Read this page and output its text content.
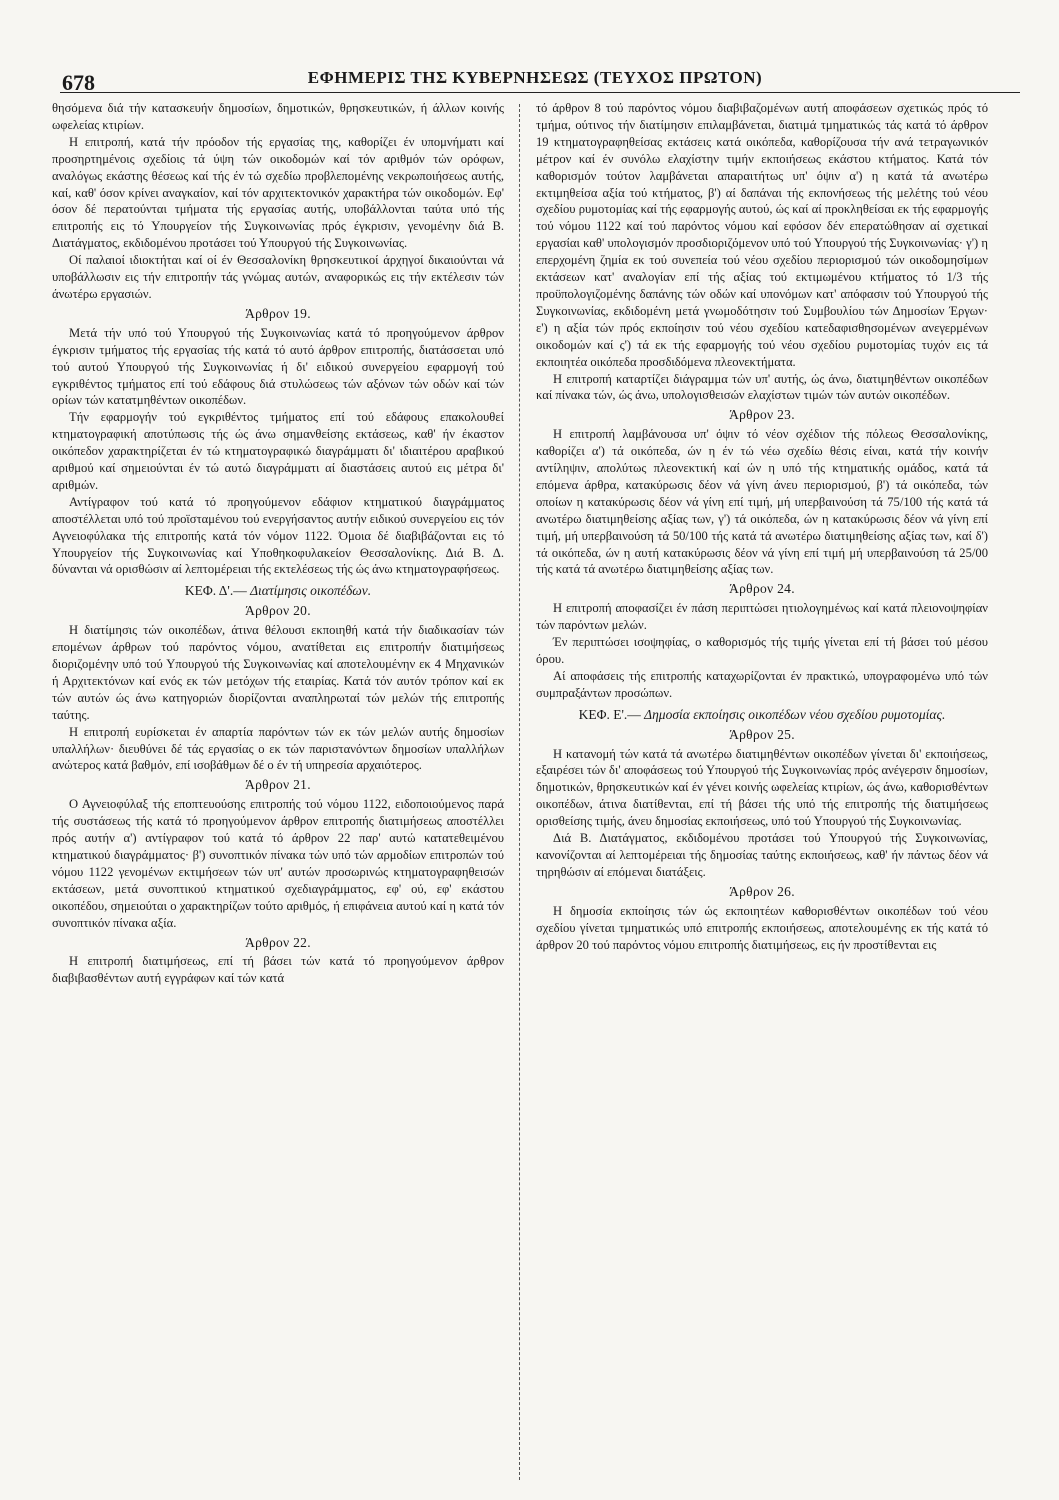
678	ΕΦΗΜΕΡΙΣ ΤΗΣ ΚΥΒΕΡΝΗΣΕΩΣ (ΤΕΥΧΟΣ ΠΡΩΤΟΝ)

θησόμενα διά τήν κατασκευήν δημοσίων, δημοτικών, θρησκευτικών, ή άλλων κοινής ωφελείας κτιρίων.

Η επιτροπή, κατά τήν πρόοδον τής εργασίας της, καθορίζει έν υπομνήματι καί προσηρτημένοις σχεδίοις τά ύψη τών οικοδομών καί τόν αριθμόν τών ορόφων, αναλόγως εκάστης θέσεως καί τής έν τώ σχεδίω προβλεπομένης νεκρωποιήσεως αυτής, καί, καθ' όσον κρίνει αναγκαίον, καί τόν αρχιτεκτονικόν χαρακτήρα τών οικοδομών. Εφ' όσον δέ περατούνται τμήματα τής εργασίας αυτής, υποβάλλονται ταύτα υπό τής επιτροπής εις τό Υπουργείον τής Συγκοινωνίας πρός έγκρισιν, γενομένην διά Β. Διατάγματος, εκδιδομένου προτάσει τού Υπουργού τής Συγκοινωνίας.

Οί παλαιοί ιδιοκτήται καί οί έν Θεσσαλονίκη θρησκευτικοί άρχηγοί δικαιούνται νά υποβάλλωσιν εις τήν επιτροπήν τάς γνώμας αυτών, αναφορικώς εις τήν εκτέλεσιν τών άνωτέρω εργασιών.

Άρθρον 19.

Μετά τήν υπό τού Υπουργού τής Συγκοινωνίας κατά τό προηγούμενον άρθρον έγκρισιν τμήματος τής εργασίας τής κατά τό αυτό άρθρον επιτροπής, διατάσσεται υπό τού αυτού Υπουργού τής Συγκοινωνίας ή δι' ειδικού συνεργείου εφαρμογή τού εγκριθέντος τμήματος επί τού εδάφους διά στυλώσεως τών αξόνων τών οδών καί τών ορίων τών κατατμηθέντων οικοπέδων.

Τήν εφαρμογήν τού εγκριθέντος τμήματος επί τού εδάφους επακολουθεί κτηματογραφική αποτύπωσις τής ώς άνω σημανθείσης εκτάσεως, καθ' ήν έκαστον οικόπεδον χαρακτηρίζεται έν τώ κτηματογραφικώ διαγράμματι δι' ιδιαιτέρου αραβικού αριθμού καί σημειούνται έν τώ αυτώ διαγράμματι αί διαστάσεις αυτού εις μέτρα δι' αριθμών.

Αντίγραφον τού κατά τό προηγούμενον εδάφιον κτηματικού διαγράμματος αποστέλλεται υπό τού προϊσταμένου τού ενεργήσαντος αυτήν ειδικού συνεργείου εις τόν Αγνειοφύλακα τής επιτροπής κατά τόν νόμον 1122. Όμοια δέ διαβιβάζονται εις τό Υπουργείον τής Συγκοινωνίας καί Υποθηκοφυλακείον Θεσσαλονίκης. Διά Β. Δ. δύνανται νά ορισθώσιν αί λεπτομέρειαι τής εκτελέσεως τής ώς άνω κτηματογραφήσεως.

ΚΕΦ. Δ'.— Διατίμησις οικοπέδων.
Άρθρον 20.

Η διατίμησις τών οικοπέδων, άτινα θέλουσι εκποιηθή κατά τήν διαδικασίαν τών επομένων άρθρων τού παρόντος νόμου, ανατίθεται εις επιτροπήν διατιμήσεως διοριζομένην υπό τού Υπουργού τής Συγκοινωνίας καί αποτελουμένην εκ 4 Μηχανικών ή Αρχιτεκτόνων καί ενός εκ τών μετόχων τής εταιρίας. Κατά τόν αυτόν τρόπον καί εκ τών αυτών ώς άνω κατηγοριών διορίζονται αναπληρωταί τών μελών τής επιτροπής ταύτης.

Η επιτροπή ευρίσκεται έν απαρτία παρόντων τών εκ τών μελών αυτής δημοσίων υπαλλήλων· διευθύνει δέ τάς εργασίας ο εκ τών παριστανόντων δημοσίων υπαλλήλων ανώτερος κατά βαθμόν, επί ισοβάθμων δέ ο έν τή υπηρεσία αρχαιότερος.

Άρθρον 21.

Ο Αγνειοφύλαξ τής εποπτευούσης επιτροπής τού νόμου 1122, ειδοποιούμενος παρά τής συστάσεως τής κατά τό προηγούμενον άρθρον επιτροπής διατιμήσεως αποστέλλει πρός αυτήν α') αντίγραφον τού κατά τό άρθρον 22 παρ' αυτώ κατατεθειμένου κτηματικού διαγράμματος· β') συνοπτικόν πίνακα τών υπό τών αρμοδίων επιτροπών τού νόμου 1122 γενομένων εκτιμήσεων τών υπ' αυτών προσωρινώς κτηματογραφηθεισών εκτάσεων, μετά συνοπτικού κτηματικού σχεδιαγράμματος, εφ' ού, εφ' εκάστου οικοπέδου, σημειούται ο χαρακτηρίζων τούτο αριθμός, ή επιφάνεια αυτού καί η κατά τόν συνοπτικόν πίνακα αξία.

Άρθρον 22.

Η επιτροπή διατιμήσεως, επί τή βάσει τών κατά τό προηγούμενον άρθρον διαβιβασθέντων αυτή εγγράφων καί τών κατά

τό άρθρον 8 τού παρόντος νόμου διαβιβαζομένων αυτή αποφάσεων σχετικώς πρός τό τμήμα, ούτινος τήν διατίμησιν επιλαμβάνεται, διατιμά τμηματικώς τάς κατά τό άρθρον 19 κτηματογραφηθείσας εκτάσεις κατά οικόπεδα, καθορίζουσα τήν ανά τετραγωνικόν μέτρον καί έν συνόλω ελαχίστην τιμήν εκποιήσεως εκάστου κτήματος. Κατά τόν καθορισμόν τούτον λαμβάνεται απαραιτήτως υπ' όψιν α') η κατά τά ανωτέρω εκτιμηθείσα αξία τού κτήματος, β') αί δαπάναι τής εκπονήσεως τής μελέτης τού νέου σχεδίου ρυμοτομίας καί τής εφαρμογής αυτού, ώς καί αί προκληθείσαι εκ τής εφαρμογής τού νόμου 1122 καί τού παρόντος νόμου καί εφόσον δέν επερατώθησαν αί σχετικαί εργασίαι καθ' υπολογισμόν προσδιοριζόμενον υπό τού Υπουργού τής Συγκοινωνίας· γ') η επερχομένη ζημία εκ τού συνεπεία τού νέου σχεδίου περιορισμού τών οικοδομησίμων εκτάσεων κατ' αναλογίαν επί τής αξίας τού εκτιμωμένου κτήματος τό 1/3 τής προϋπολογιζομένης δαπάνης τών οδών καί υπονόμων κατ' απόφασιν τού Υπουργού τής Συγκοινωνίας, εκδιδομένη μετά γνωμοδότησιν τού Συμβουλίου τών Δημοσίων Έργων· ε') η αξία τών πρός εκποίησιν τού νέου σχεδίου κατεδαφισθησομένων ανεγερμένων οικοδομών καί ς') τά εκ τής εφαρμογής τού νέου σχεδίου ρυμοτομίας τυχόν εις τά εκποιητέα οικόπεδα προσδιδόμενα πλεονεκτήματα.

Η επιτροπή καταρτίζει διάγραμμα τών υπ' αυτής, ώς άνω, διατιμηθέντων οικοπέδων καί πίνακα τών, ώς άνω, υπολογισθεισών ελαχίστων τιμών τών αυτών οικοπέδων.

Άρθρον 23.

Η επιτροπή λαμβάνουσα υπ' όψιν τό νέον σχέδιον τής πόλεως Θεσσαλονίκης, καθορίζει α') τά οικόπεδα, ών η έν τώ νέω σχεδίω θέσις είναι, κατά τήν κοινήν αντίληψιν, απολύτως πλεονεκτική καί ών η υπό τής κτηματικής ομάδος, κατά τά επόμενα άρθρα, κατακύρωσις δέον νά γίνη άνευ περιορισμού, β') τά οικόπεδα, τών οποίων η κατακύρωσις δέον νά γίνη επί τιμή, μή υπερβαινούση τά 75/100 τής κατά τά ανωτέρω διατιμηθείσης αξίας των, γ') τά οικόπεδα, ών η κατακύρωσις δέον νά γίνη επί τιμή, μή υπερβαινούση τά 50/100 τής κατά τά ανωτέρω διατιμηθείσης αξίας των, καί δ') τά οικόπεδα, ών η αυτή κατακύρωσις δέον νά γίνη επί τιμή μή υπερβαινούση τά 25/00 τής κατά τά ανωτέρω διατιμηθείσης αξίας των.

Άρθρον 24.

Η επιτροπή αποφασίζει έν πάση περιπτώσει ητιολογημένως καί κατά πλειονοψηφίαν τών παρόντων μελών.

Έν περιπτώσει ισοψηφίας, ο καθορισμός τής τιμής γίνεται επί τή βάσει τού μέσου όρου.

Αί αποφάσεις τής επιτροπής καταχωρίζονται έν πρακτικώ, υπογραφομένω υπό τών συμπραξάντων προσώπων.

ΚΕΦ. Ε'.— Δημοσία εκποίησις οικοπέδων νέου σχεδίου ρυμοτομίας.
Άρθρον 25.

Η κατανομή τών κατά τά ανωτέρω διατιμηθέντων οικοπέδων γίνεται δι' εκποιήσεως, εξαιρέσει τών δι' αποφάσεως τού Υπουργού τής Συγκοινωνίας πρός ανέγερσιν δημοσίων, δημοτικών, θρησκευτικών καί έν γένει κοινής ωφελείας κτιρίων, ώς άνω, καθορισθέντων οικοπέδων, άτινα διατίθενται, επί τή βάσει τής υπό τής επιτροπής τής διατιμήσεως ορισθείσης τιμής, άνευ δημοσίας εκποιήσεως, υπό τού Υπουργού τής Συγκοινωνίας.

Διά Β. Διατάγματος, εκδιδομένου προτάσει τού Υπουργού τής Συγκοινωνίας, κανονίζονται αί λεπτομέρειαι τής δημοσίας ταύτης εκποιήσεως, καθ' ήν πάντως δέον νά τηρηθώσιν αί επόμεναι διατάξεις.

Άρθρον 26.

Η δημοσία εκποίησις τών ώς εκποιητέων καθορισθέντων οικοπέδων τού νέου σχεδίου γίνεται τμηματικώς υπό επιτροπής εκποιήσεως, αποτελουμένης εκ τής κατά τό άρθρον 20 τού παρόντος νόμου επιτροπής διατιμήσεως, εις ήν προστίθενται εις
